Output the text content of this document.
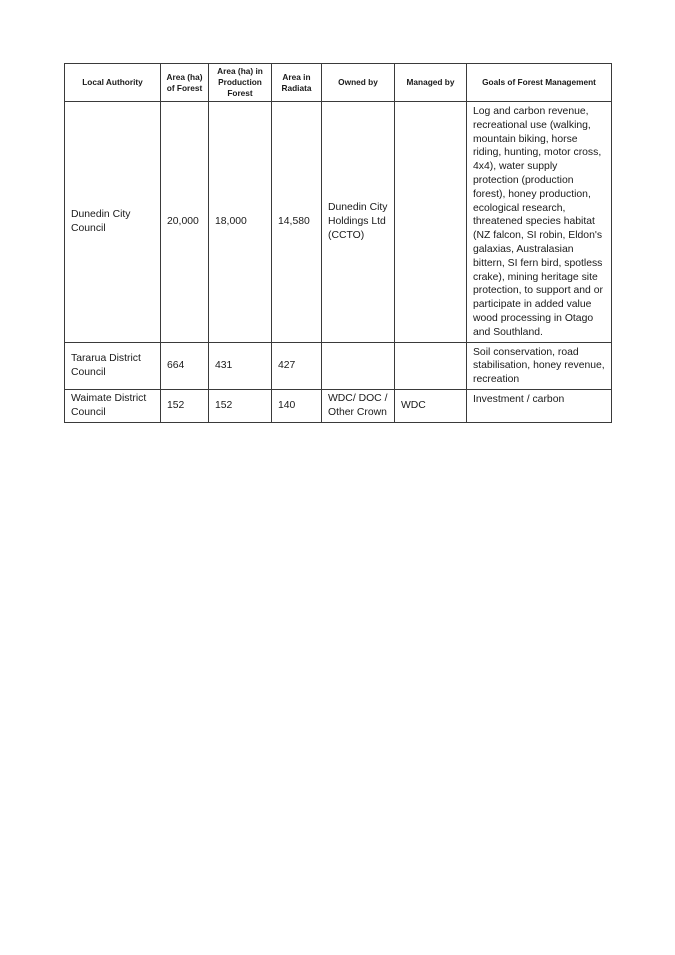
Local Authority	Area (ha) of Forest	Area (ha) in Production Forest	Area in Radiata	Owned by	Managed by	Goals of Forest Management
Dunedin City Council	20,000	18,000	14,580	Dunedin City Holdings Ltd (CCTO)		Log and carbon revenue, recreational use (walking, mountain biking, horse riding, hunting, motor cross, 4x4), water supply protection (production forest), honey production, ecological research, threatened species habitat (NZ falcon, SI robin, Eldon's galaxias, Australasian bittern, SI fern bird, spotless crake), mining heritage site protection, to support and or participate in added value wood processing in Otago and Southland.
Tararua District Council	664	431	427			Soil conservation, road stabilisation, honey revenue, recreation
Waimate District Council	152	152	140	WDC/ DOC / Other Crown	WDC	Investment / carbon
